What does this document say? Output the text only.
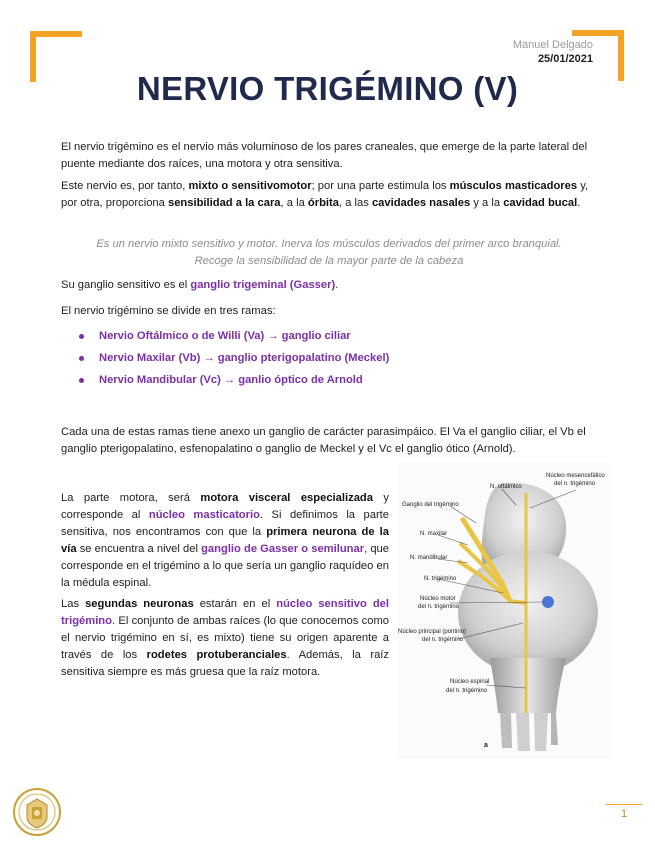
Manuel Delgado
25/01/2021
NERVIO TRIGÉMINO (V)

El nervio trigémino es el nervio más voluminoso de los pares craneales, que emerge de la parte lateral del puente mediante dos raíces, una motora y otra sensitiva.

Este nervio es, por tanto, mixto o sensitivomotor; por una parte estimula los músculos masticadores y, por otra, proporciona sensibilidad a la cara, a la órbita, a las cavidades nasales y a la cavidad bucal.

Es un nervio mixto sensitivo y motor. Inerva los músculos derivados del primer arco branquial.

Recoge la sensibilidad de la mayor parte de la cabeza

Su ganglio sensitivo es el ganglio trigeminal (Gasser).

El nervio trigémino se divide en tres ramas:

Nervio Oftálmico o de Willi (Va) → ganglio ciliar
Nervio Maxilar (Vb) → ganglio pterigopalatino (Meckel)
Nervio Mandibular (Vc) → ganlio óptico de Arnold

Cada una de estas ramas tiene anexo un ganglio de carácter parasimpáico. El Va el ganglio ciliar, el Vb el ganglio pterigopalatino, esfenopalatino o ganglio de Meckel y el Vc el ganglio ótico (Arnold).

La parte motora, será motora visceral especializada y corresponde al núcleo masticatorio. Si definimos la parte sensitiva, nos encontramos con que la primera neurona de la vía se encuentra a nivel del ganglio de Gasser o semilunar, que corresponde en el trigémino a lo que sería un ganglio raquídeo en la médula espinal.

Las segundas neuronas estarán en el núcleo sensitivo del trigémino. El conjunto de ambas raíces (lo que conocemos como el nervio trigémino en sí, es mixto) tiene su origen aparente a través de los rodetes protuberanciales. Además, la raíz sensitiva siempre es más gruesa que la raíz motora.

Núcleo mesencefálico
del n. trigémino
N. oftálmico
Ganglio del trigémino
N. maxilar
N. mandibular
N. trigémino
Núcleo motor
del n. trigémino
Núcleo principal (pontino)
del n. trigémino
Núcleo espinal
del n. trigémino
a
1
